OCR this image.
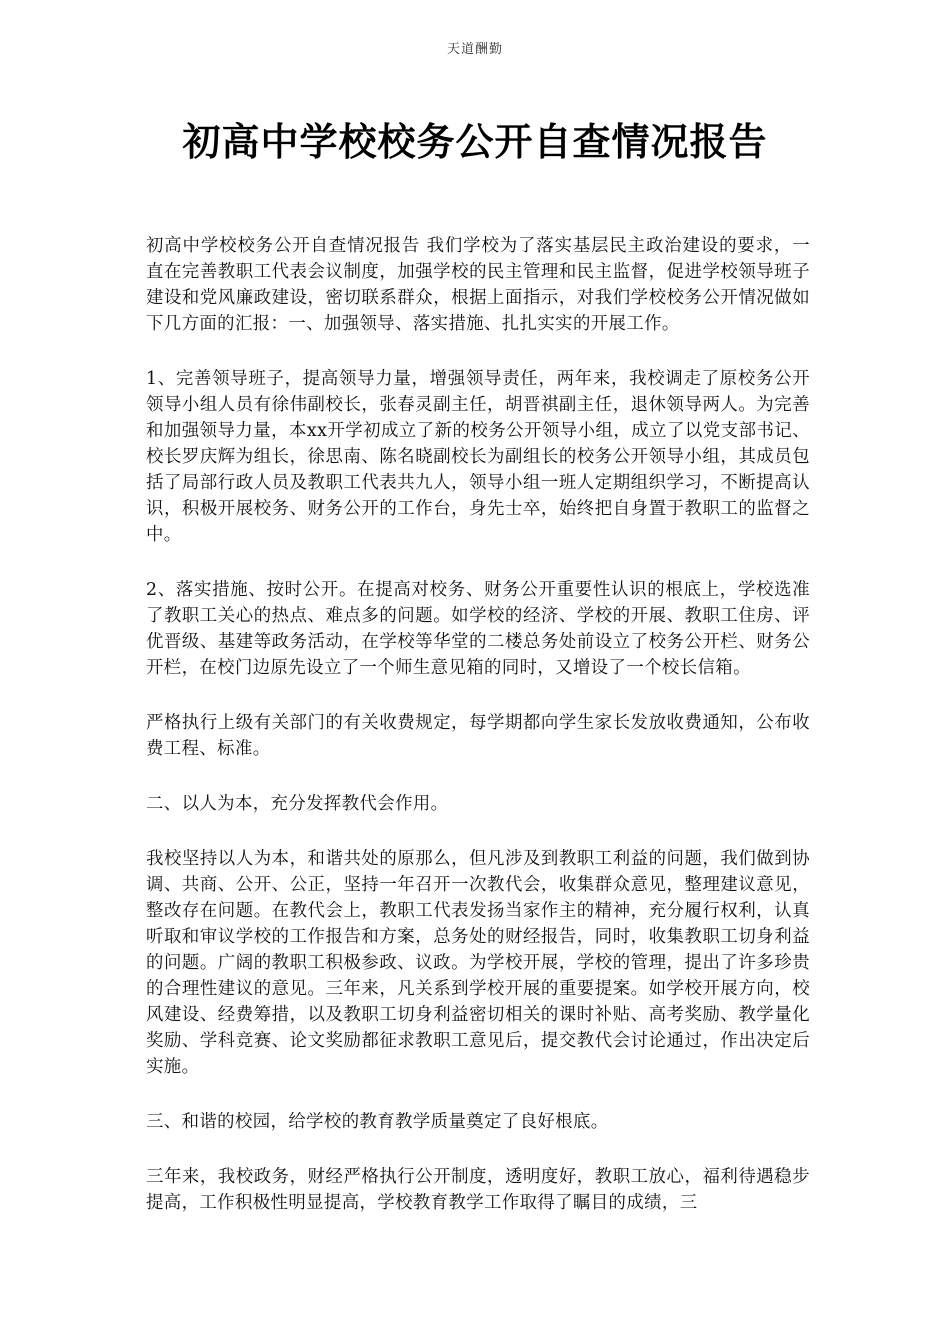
天道酬勤
初高中学校校务公开自查情况报告

初高中学校校务公开自查情况报告 我们学校为了落实基层民主政治建设的要求，一直在完善教职工代表会议制度，加强学校的民主管理和民主监督，促进学校领导班子建设和党风廉政建设，密切联系群众，根据上面指示，对我们学校校务公开情况做如下几方面的汇报：一、加强领导、落实措施、扎扎实实的开展工作。

1、完善领导班子，提高领导力量，增强领导责任，两年来，我校调走了原校务公开领导小组人员有徐伟副校长，张春灵副主任，胡晋祺副主任，退休领导两人。为完善和加强领导力量，本xx开学初成立了新的校务公开领导小组，成立了以党支部书记、校长罗庆辉为组长，徐思南、陈名晓副校长为副组长的校务公开领导小组，其成员包括了局部行政人员及教职工代表共九人，领导小组一班人定期组织学习，不断提高认识，积极开展校务、财务公开的工作台，身先士卒，始终把自身置于教职工的监督之中。

2、落实措施、按时公开。在提高对校务、财务公开重要性认识的根底上，学校选准了教职工关心的热点、难点多的问题。如学校的经济、学校的开展、教职工住房、评优晋级、基建等政务活动，在学校等华堂的二楼总务处前设立了校务公开栏、财务公开栏，在校门边原先设立了一个师生意见箱的同时，又增设了一个校长信箱。

严格执行上级有关部门的有关收费规定，每学期都向学生家长发放收费通知，公布收费工程、标准。

二、以人为本，充分发挥教代会作用。

我校坚持以人为本，和谐共处的原那么，但凡涉及到教职工利益的问题，我们做到协调、共商、公开、公正，坚持一年召开一次教代会，收集群众意见，整理建议意见，整改存在问题。在教代会上，教职工代表发扬当家作主的精神，充分履行权利，认真听取和审议学校的工作报告和方案，总务处的财经报告，同时，收集教职工切身利益的问题。广阔的教职工积极参政、议政。为学校开展，学校的管理，提出了许多珍贵的合理性建议的意见。三年来，凡关系到学校开展的重要提案。如学校开展方向，校风建设、经费筹措，以及教职工切身利益密切相关的课时补贴、高考奖励、教学量化奖励、学科竞赛、论文奖励都征求教职工意见后，提交教代会讨论通过，作出决定后实施。

三、和谐的校园，给学校的教育教学质量奠定了良好根底。

三年来，我校政务，财经严格执行公开制度，透明度好，教职工放心，福利待遇稳步提高，工作积极性明显提高，学校教育教学工作取得了瞩目的成绩，三
